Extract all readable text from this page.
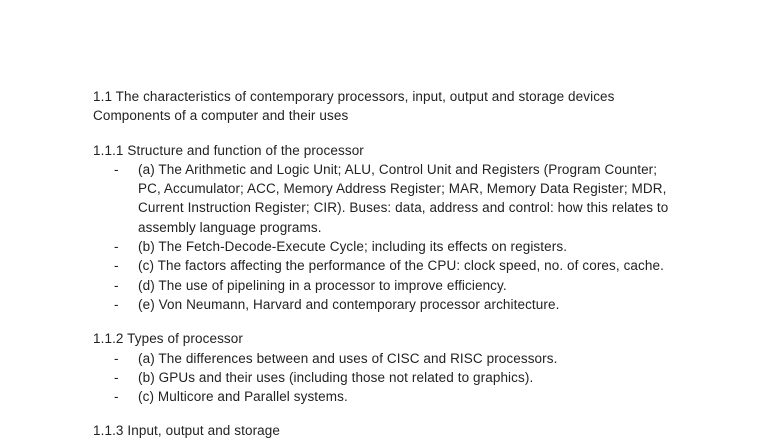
1.1 The characteristics of contemporary processors, input, output and storage devices
Components of a computer and their uses
1.1.1 Structure and function of the processor
-	(a) The Arithmetic and Logic Unit; ALU, Control Unit and Registers (Program Counter;
PC, Accumulator; ACC, Memory Address Register; MAR, Memory Data Register; MDR,
Current Instruction Register; CIR). Buses: data, address and control: how this relates to
assembly language programs.
-	(b) The Fetch-Decode-Execute Cycle; including its effects on registers.
-	(c) The factors affecting the performance of the CPU: clock speed, no. of cores, cache.
-	(d) The use of pipelining in a processor to improve efficiency.
-	(e) Von Neumann, Harvard and contemporary processor architecture.
1.1.2 Types of processor
-	(a) The differences between and uses of CISC and RISC processors.
-	(b) GPUs and their uses (including those not related to graphics).
-	(c) Multicore and Parallel systems.
1.1.3 Input, output and storage
